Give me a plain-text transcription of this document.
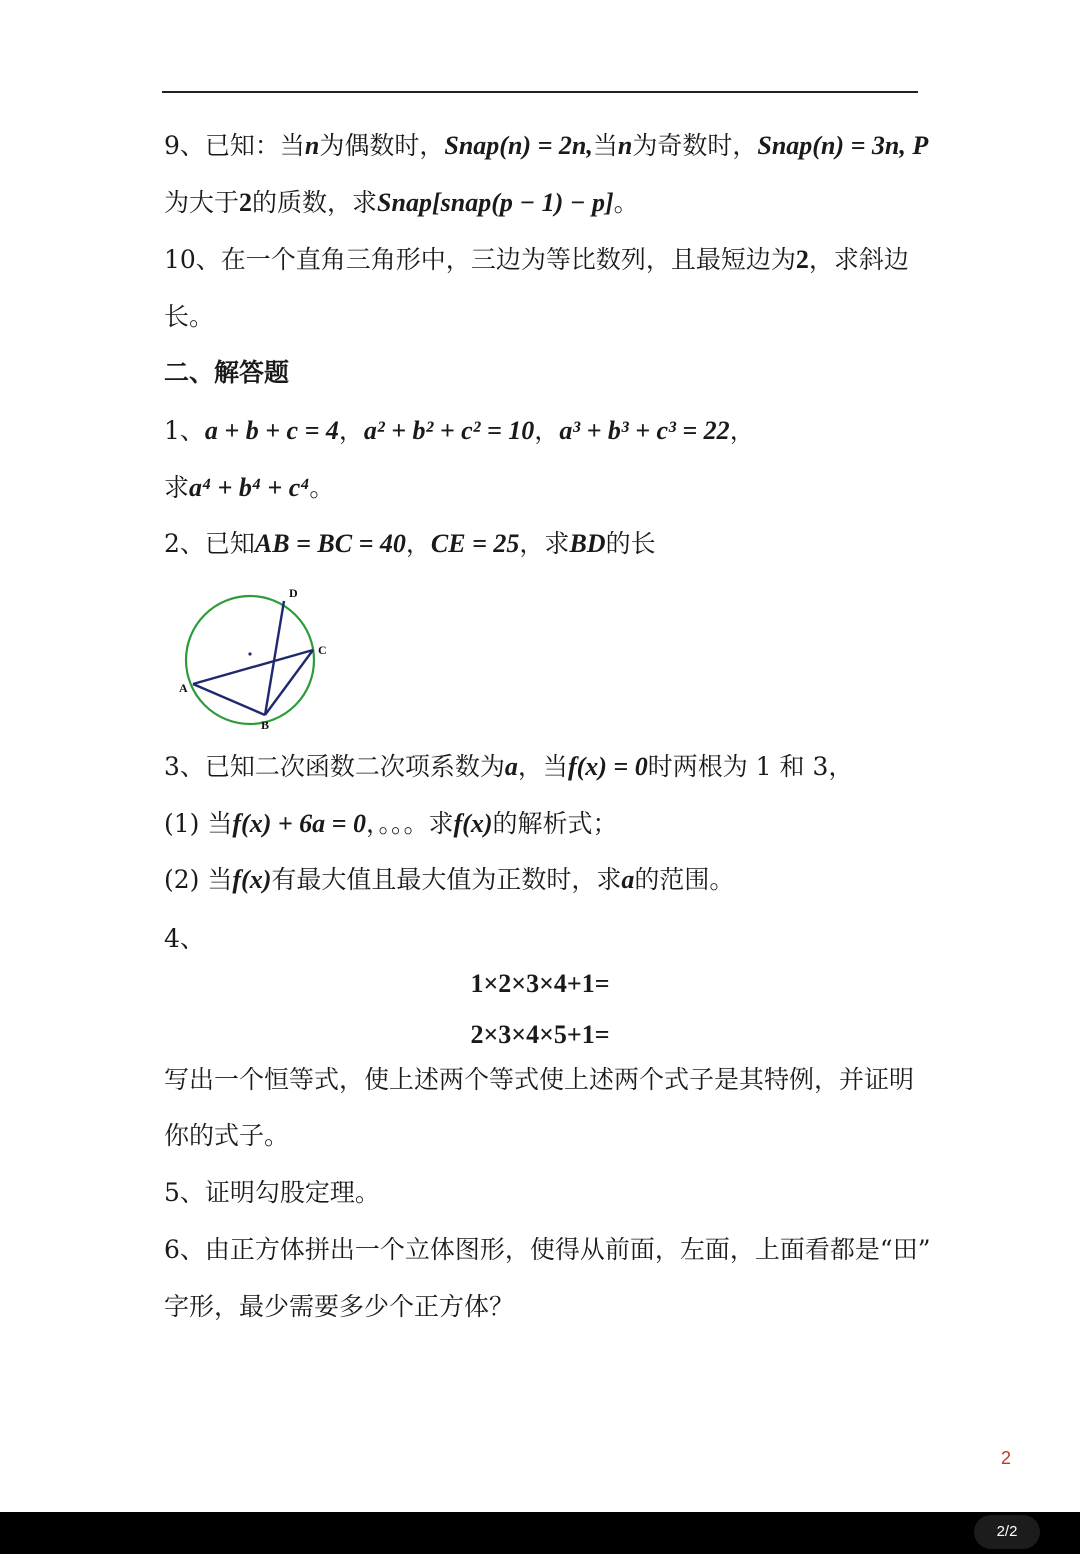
9、已知：当n为偶数时，Snap(n) = 2n,当n为奇数时，Snap(n) = 3n, P
为大于2的质数，求Snap[snap(p − 1) − p]。
10、在一个直角三角形中，三边为等比数列，且最短边为2，求斜边
长。
二、解答题
1、a + b + c = 4，a² + b² + c² = 10，a³ + b³ + c³ = 22，
求a⁴ + b⁴ + c⁴。
2、已知AB = BC = 40，CE = 25，求BD的长
D
C
A
B
3、已知二次函数二次项系数为a，当f(x) = 0时两根为 1 和 3，
(1) 当f(x) + 6a = 0，。。。求f(x)的解析式；
(2) 当f(x)有最大值且最大值为正数时，求a的范围。
4、
1×2×3×4+1=
2×3×4×5+1=
写出一个恒等式，使上述两个等式使上述两个式子是其特例，并证明
你的式子。
5、证明勾股定理。
6、由正方体拼出一个立体图形，使得从前面，左面，上面看都是“田”
字形，最少需要多少个正方体？
2
2/2
